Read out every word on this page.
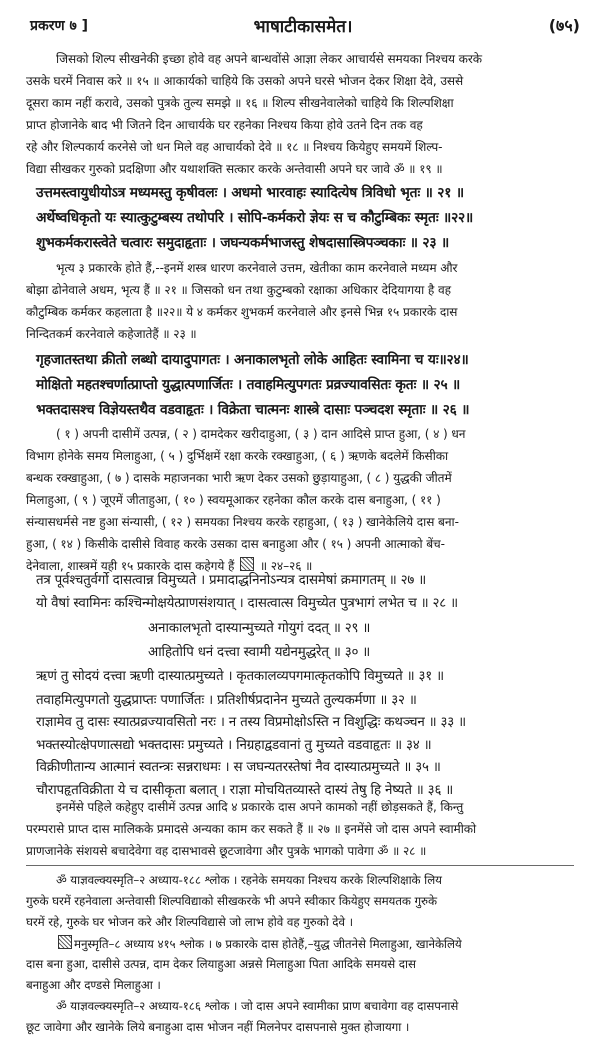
प्रकरण ७ ]	भाषाटीकासमेत।	(७५)
जिसको शिल्प सीखनेकी इच्छा होवे वह अपने बान्धवोंसे आज्ञा लेकर आचार्यसे समयका निश्चय करके
उसके घरमें निवास करे ॥ १५ ॥ आकार्यको चाहिये कि उसको अपने घरसे भोजन देकर शिक्षा देवे, उससे
दूसरा काम नहीं करावे, उसको पुत्रके तुल्य समझे ॥ १६ ॥ शिल्प सीखनेवालेको चाहिये कि शिल्पशिक्षा
प्राप्त होजानेके बाद भी जितने दिन आचार्यके घर रहनेका निश्चय किया होवे उतने दिन तक वह
रहे और शिल्पकार्य करनेसे जो धन मिले वह आचार्यको देवे ॥ १८ ॥ निश्चय कियेहुए समयमें शिल्प-
विद्या सीखकर गुरुको प्रदक्षिणा और यथाशक्ति सत्कार करके अन्तेवासी अपने घर जावे ॐ ॥ १९ ॥
उत्तमस्त्वायुधीयोऽत्र मध्यमस्तु कृषीवलः । अधमो भारवाहः स्यादित्येष त्रिविधो भृतः ॥ २१ ॥
अर्थेष्वधिकृतो यः स्यात्कुटुम्बस्य तथोपरि । सोपि-कर्मकरो ज्ञेयः स च कौटुम्बिकः स्मृतः ॥२२॥
शुभकर्मकरास्त्वेते चत्वारः समुदाहृताः । जघन्यकर्मभाजस्तु शेषदासास्त्रिपञ्चकाः ॥ २३ ॥
भृत्य ३ प्रकारके होते हैं,--इनमें शस्त्र धारण करनेवाले उत्तम, खेतीका काम करनेवाले मध्यम और
बोझा ढोनेवाले अधम, भृत्य हैं ॥ २१ ॥ जिसको धन तथा कुटुम्बको रक्षाका अधिकार देदियागया है वह
कौटुम्बिक कर्मकर कहलाता है ॥२२॥ ये ४ कर्मकर शुभकर्म करनेवाले और इनसे भिन्न १५ प्रकारके दास
निन्दितकर्म करनेवाले कहेजातेहैं ॥ २३ ॥
गृहजातस्तथा क्रीतो लब्धो दायादुपागतः । अनाकालभृतो लोके आहितः स्वामिना च यः॥२४॥
मोक्षितो महतश्चर्णात्प्राप्तो युद्धात्पणार्जितः । तवाहमित्युपगतः प्रव्रज्यावसितः कृतः ॥ २५ ॥
भक्तदासश्च विज्ञेयस्तथैव वडवाहृतः । विक्रेता चात्मनः शास्त्रे दासाः पञ्चदश स्मृताः ॥ २६ ॥
( १ ) अपनी दासीमें उत्पन्न, ( २ ) दामदेकर खरीदाहुआ, ( ३ ) दान आदिसे प्राप्त हुआ, ( ४ ) धन
विभाग होनेके समय मिलाहुआ, ( ५ ) दुर्भिक्षमें रक्षा करके रक्खाहुआ, ( ६ ) ऋणके बदलेमें किसीका
बन्धक रक्खाहुआ, ( ७ ) दासके महाजनका भारी ऋण देकर उसको छुड़ायाहुआ, ( ८ ) युद्धकी जीतमें
मिलाहुआ, ( ९ ) जूएमें जीताहुआ, ( १० ) स्वयमूआकर रहनेका कौल करके दास बनाहुआ, ( ११ )
संन्यासधर्मसे नष्ट हुआ संन्यासी, ( १२ ) समयका निश्चय करके रहाहुआ, ( १३ ) खानेकेलिये दास बना-
हुआ, ( १४ ) किसीके दासीसे विवाह करके उसका दास बनाहुआ और ( १५ ) अपनी आत्माको बेंच-
देनेवाला, शास्त्रमें यही १५ प्रकारके दास कहेगये हैं ॥ २४–२६ ॥
तत्र पूर्वश्चतुर्वर्गो दासत्वान्न विमुच्यते । प्रमादाद्धनिनोऽन्यत्र दासमेषां क्रमागतम् ॥ २७ ॥
यो वैषां स्वामिनः कश्चिन्मोक्षयेत्प्राणसंशयात् । दासत्वात्स विमुच्येत पुत्रभागं लभेत च ॥ २८ ॥
अनाकालभृतो दास्यान्मुच्यते गोयुगं ददत् ॥ २९ ॥
आहितोपि धनं दत्त्वा स्वामी यद्येनमुद्धरेत् ॥ ३० ॥
ऋणं तु सोदयं दत्त्वा ऋणी दास्यात्प्रमुच्यते । कृतकालव्यपगमात्कृतकोपि विमुच्यते ॥ ३१ ॥
तवाहमित्युपगतो युद्धप्राप्तः पणार्जितः । प्रतिशीर्षप्रदानेन मुच्यते तुल्यकर्मणा ॥ ३२ ॥
राज्ञामेव तु दासः स्यात्प्रव्रज्यावसितो नरः । न तस्य विप्रमोक्षोऽस्ति न विशुद्धिः कथञ्चन ॥ ३३ ॥
भक्तस्योत्क्षेपणात्सद्यो भक्तदासः प्रमुच्यते । निग्रहाद्वडवानां तु मुच्यते वडवाहृतः ॥ ३४ ॥
विक्रीणीतान्य आत्मानं स्वतन्त्रः सन्नराधमः । स जघन्यतरस्तेषां नैव दास्यात्प्रमुच्यते ॥ ३५ ॥
चौरापहृतविक्रीता ये च दासीकृता बलात् । राज्ञा मोचयितव्यास्ते दास्यं तेषु हि नेष्यते ॥ ३६ ॥
इनमेंसे पहिले कहेहुए दासीमें उत्पन्न आदि ४ प्रकारके दास अपने कामको नहीं छोड़सकते हैं, किन्तु
परम्परासे प्राप्त दास मालिकके प्रमादसे अन्यका काम कर सकते हैं ॥ २७ ॥ इनमेंसे जो दास अपने स्वामीको
प्राणजानेके संशयसे बचादेवेगा वह दासभावसे छूटजावेगा और पुत्रके भागको पावेगा ॐ ॥ २८ ॥
ॐ याज्ञवल्क्यस्मृति–२ अध्याय-१८८ श्लोक । रहनेके समयका निश्चय करके शिल्पशिक्षाके लिय
गुरुके घरमें रहनेवाला अन्तेवासी शिल्पविद्याको सीखकरके भी अपने स्वीकार कियेहुए समयतक गुरुके
घरमें रहे, गुरुके घर भोजन करे और शिल्पविद्यासे जो लाभ होवे वह गुरुको देवे ।
मनुस्मृति–८ अध्याय ४१५ श्लोक । ७ प्रकारके दास होतेहैं,–युद्ध जीतनेसे मिलाहुआ, खानेकेलिये
दास बना हुआ, दासीसे उत्पन्न, दाम देकर लियाहुआ अन्नसे मिलाहुआ पिता आदिके समयसे दास
बनाहुआ और दण्डसे मिलाहुआ ।
ॐ याज्ञवल्क्यस्मृति–२ अध्याय-१८६ श्लोक । जो दास अपने स्वामीका प्राण बचावेगा वह दासपनासे
छूट जावेगा और खानेके लिये बनाहुआ दास भोजन नहीं मिलनेपर दासपनासे मुक्त होजायगा ।
